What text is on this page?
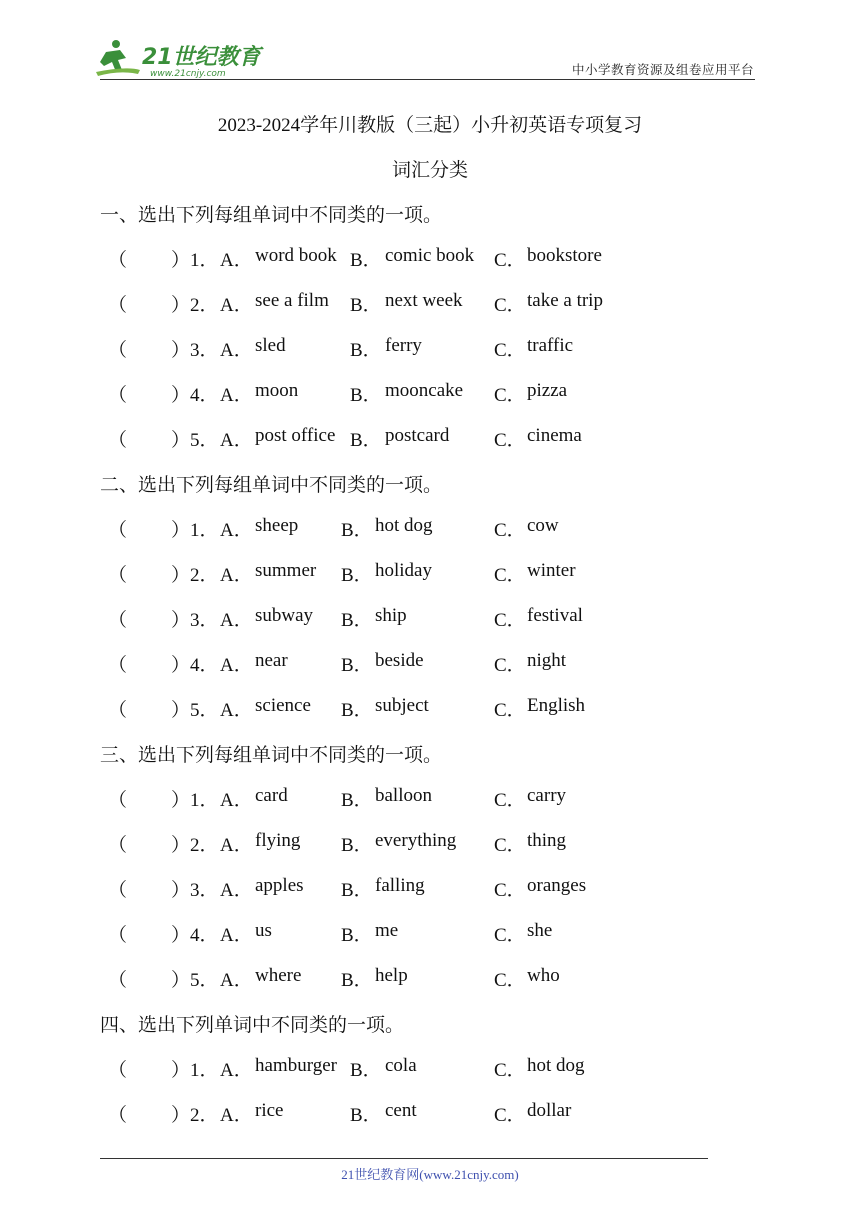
21世纪教育
www.21cnjy.com	中小学教育资源及组卷应用平台
2023-2024学年川教版（三起）小升初英语专项复习
词汇分类
一、选出下列每组单词中不同类的一项。
（ ）1． A． word book B． comic book C． bookstore
（ ）2． A． see a film B． next week C． take a trip
（ ）3． A． sled	B． ferry	C． traffic
（ ）4． A． moon	B． mooncake C． pizza
（ ）5． A． post office B． postcard C． cinema
二、选出下列每组单词中不同类的一项。
（ ）1． A． sheep B． hot dog	C． cow
（ ）2． A． summer B． holiday	C． winter
（ ）3． A． subway B． ship	C． festival
（ ）4． A． near	B． beside	C． night
（ ）5． A． science B． subject	C． English
三、选出下列每组单词中不同类的一项。
（ ）1． A． card	B． balloon	C． carry
（ ）2． A． flying B． everything C． thing
（ ）3． A． apples B． falling	C． oranges
（ ）4． A． us	B． me	C． she
（ ）5． A． where B． help	C． who
四、选出下列单词中不同类的一项。
（ ）1． A． hamburger B． cola	C． hot dog
（ ）2． A． rice	B． cent	C． dollar
21世纪教育网(www.21cnjy.com)
